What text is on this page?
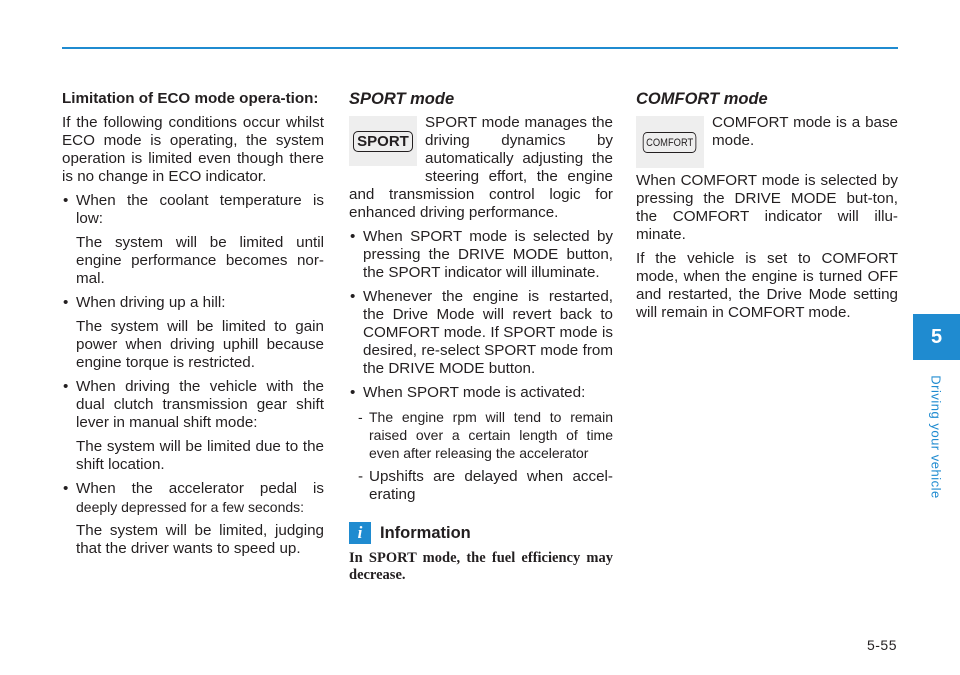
Limitation of ECO mode opera-tion:

If the following conditions occur whilst ECO mode is operating, the system operation is limited even though there is no change in ECO indicator.

• When the coolant temperature is low:

The system will be limited until engine performance becomes nor-mal.

• When driving up a hill:

The system will be limited to gain power when driving uphill because engine torque is restricted.

• When driving the vehicle with the dual clutch transmission gear shift lever in manual shift mode:

The system will be limited due to the shift location.

• When the accelerator pedal is
deeply depressed for a few seconds:

The system will be limited, judging that the driver wants to speed up.

SPORT mode

SPORT

SPORT mode manages the driving dynamics by automatically adjusting the steering effort, the engine and transmission control logic for enhanced driving performance.

• When SPORT mode is selected by pressing the DRIVE MODE button, the SPORT indicator will illuminate.

• Whenever the engine is restarted, the Drive Mode will revert back to COMFORT mode. If SPORT mode is desired, re-select SPORT mode from the DRIVE MODE button.

• When SPORT mode is activated:

- The engine rpm will tend to remain raised over a certain length of time even after releasing the accelerator

- Upshifts are delayed when accel-erating

i	Information

In SPORT mode, the fuel efficiency may decrease.

COMFORT mode

COMFORT

COMFORT mode is a base mode.

When COMFORT mode is selected by pressing the DRIVE MODE but-ton, the COMFORT indicator will illu-minate.

If the vehicle is set to COMFORT mode, when the engine is turned OFF and restarted, the Drive Mode setting will remain in COMFORT mode.

5
Driving your vehicle
5-55
